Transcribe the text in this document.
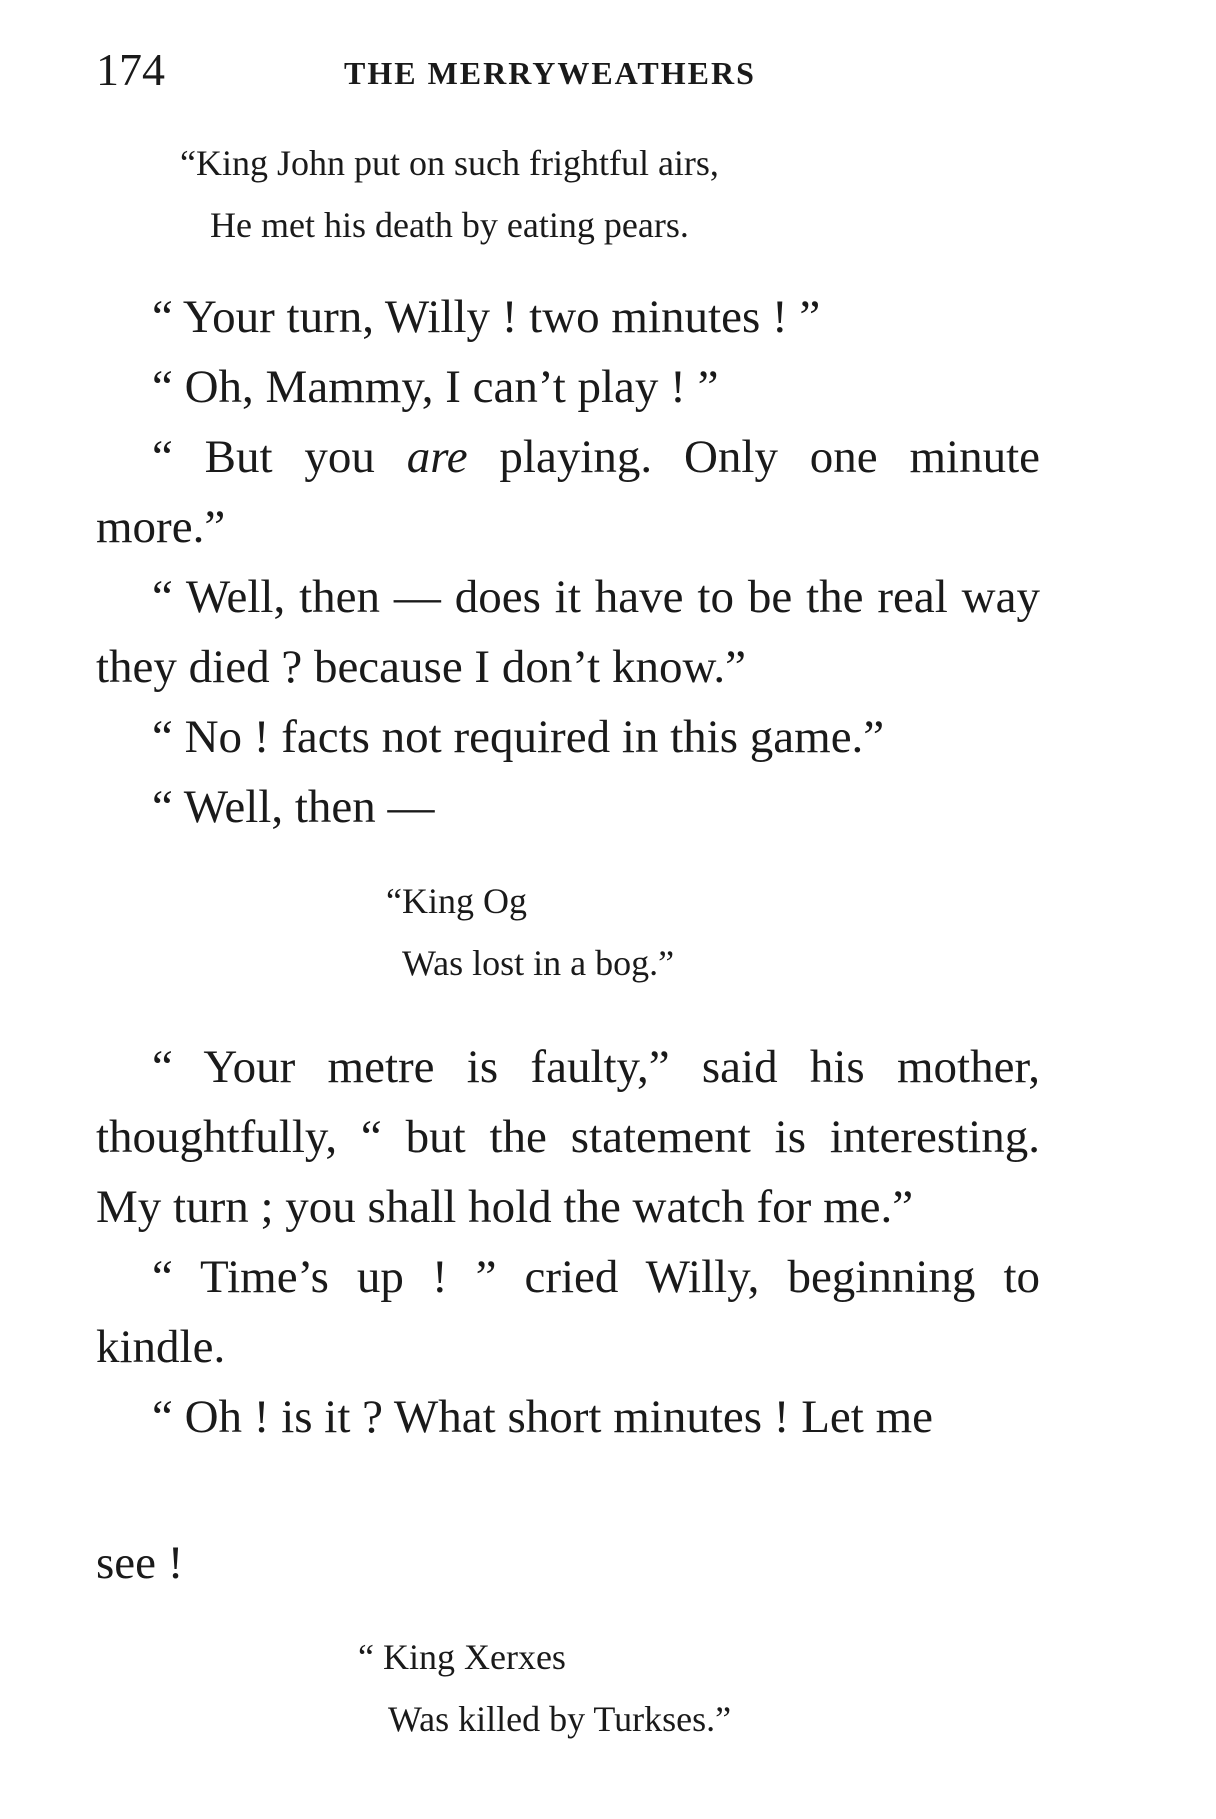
174	THE MERRYWEATHERS
“King John put on such frightful airs,
He met his death by eating pears.

“ Your turn, Willy ! two minutes ! ”

“ Oh, Mammy, I can’t play ! ”

“ But you are playing. Only one minute more.”

“ Well, then — does it have to be the real way they died ? because I don’t know.”

“ No ! facts not required in this game.”

“ Well, then —

“King Og
Was lost in a bog.”

“ Your metre is faulty,” said his mother, thoughtfully, “ but the statement is interesting. My turn ; you shall hold the watch for me.”

“ Time’s up ! ” cried Willy, beginning to kindle.

“ Oh ! is it ? What short minutes ! Let me

see !
“ King Xerxes
Was killed by Turkses.”
